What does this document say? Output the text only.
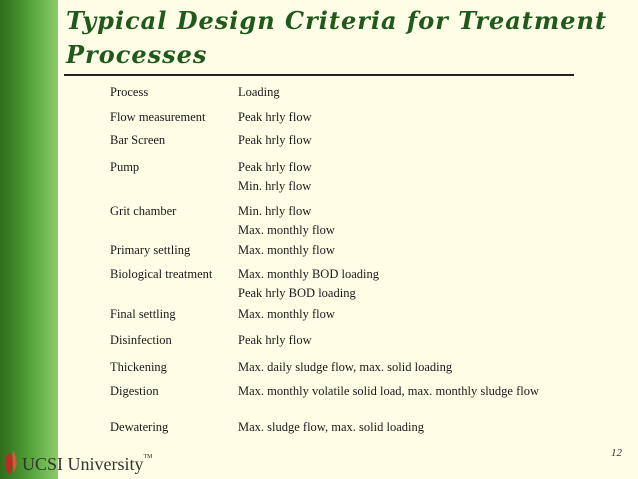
Typical Design Criteria for Treatment Processes
Process	Loading
Flow measurement	Peak hrly flow

Bar Screen	Peak hrly flow

Pump	Peak hrly flow
Min. hrly flow

Grit chamber	Min. hrly flow
Max. monthly flow

Primary settling	Max. monthly flow

Biological treatment	Max. monthly BOD loading
Peak hrly BOD loading

Final settling	Max. monthly flow

Disinfection	Peak hrly flow

Thickening	Max. daily sludge flow, max. solid loading

Digestion	Max. monthly volatile solid load, max. monthly sludge flow

Dewatering	Max. sludge flow, max. solid loading
12
UCSI University™
